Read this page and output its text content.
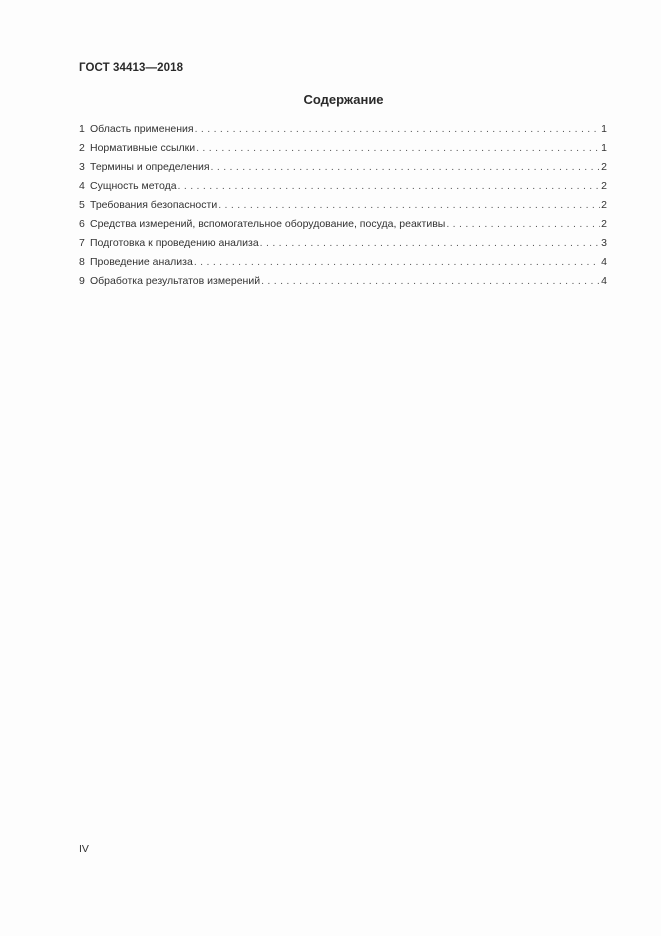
ГОСТ 34413—2018
Содержание
1 Область применения . . .	1
2 Нормативные ссылки . . .	1
3 Термины и определения . . .	2
4 Сущность метода . . .	2
5 Требования безопасности . . .	2
6 Средства измерений, вспомогательное оборудование, посуда, реактивы . . .	2
7 Подготовка к проведению анализа . . .	3
8 Проведение анализа . . .	4
9 Обработка результатов измерений . . .	4
IV
